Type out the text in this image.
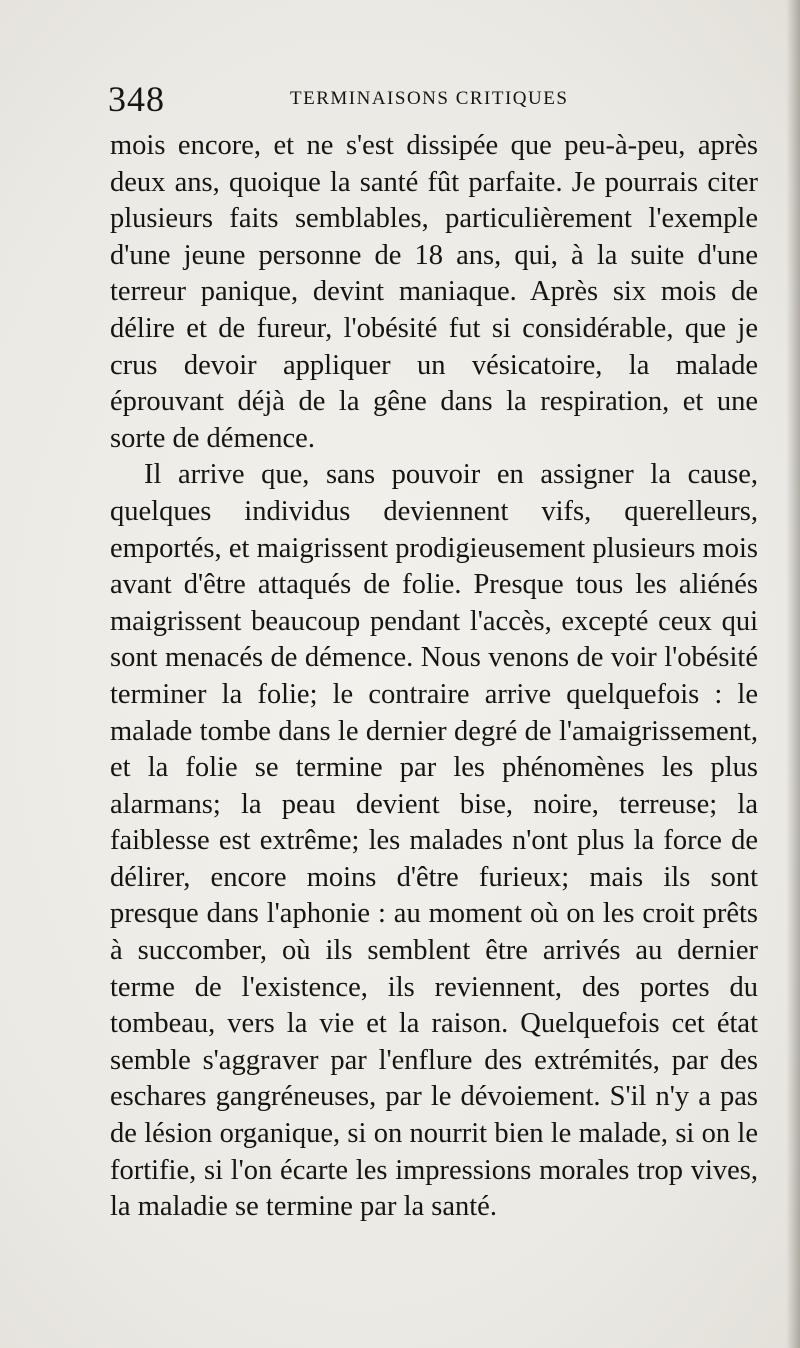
348	TERMINAISONS CRITIQUES

mois encore, et ne s'est dissipée que peu-à-peu, après deux ans, quoique la santé fût parfaite. Je pourrais citer plusieurs faits semblables, particulièrement l'exemple d'une jeune personne de 18 ans, qui, à la suite d'une terreur panique, devint maniaque. Après six mois de délire et de fureur, l'obésité fut si considérable, que je crus devoir appliquer un vésicatoire, la malade éprouvant déjà de la gêne dans la respiration, et une sorte de démence.

Il arrive que, sans pouvoir en assigner la cause, quelques individus deviennent vifs, querelleurs, emportés, et maigrissent prodigieusement plusieurs mois avant d'être attaqués de folie. Presque tous les aliénés maigrissent beaucoup pendant l'accès, excepté ceux qui sont menacés de démence. Nous venons de voir l'obésité terminer la folie; le contraire arrive quelquefois : le malade tombe dans le dernier degré de l'amaigrissement, et la folie se termine par les phénomènes les plus alarmans; la peau devient bise, noire, terreuse; la faiblesse est extrême; les malades n'ont plus la force de délirer, encore moins d'être furieux; mais ils sont presque dans l'aphonie : au moment où on les croit prêts à succomber, où ils semblent être arrivés au dernier terme de l'existence, ils reviennent, des portes du tombeau, vers la vie et la raison. Quelquefois cet état semble s'aggraver par l'enflure des extrémités, par des eschares gangréneuses, par le dévoiement. S'il n'y a pas de lésion organique, si on nourrit bien le malade, si on le fortifie, si l'on écarte les impressions morales trop vives, la maladie se termine par la santé.
